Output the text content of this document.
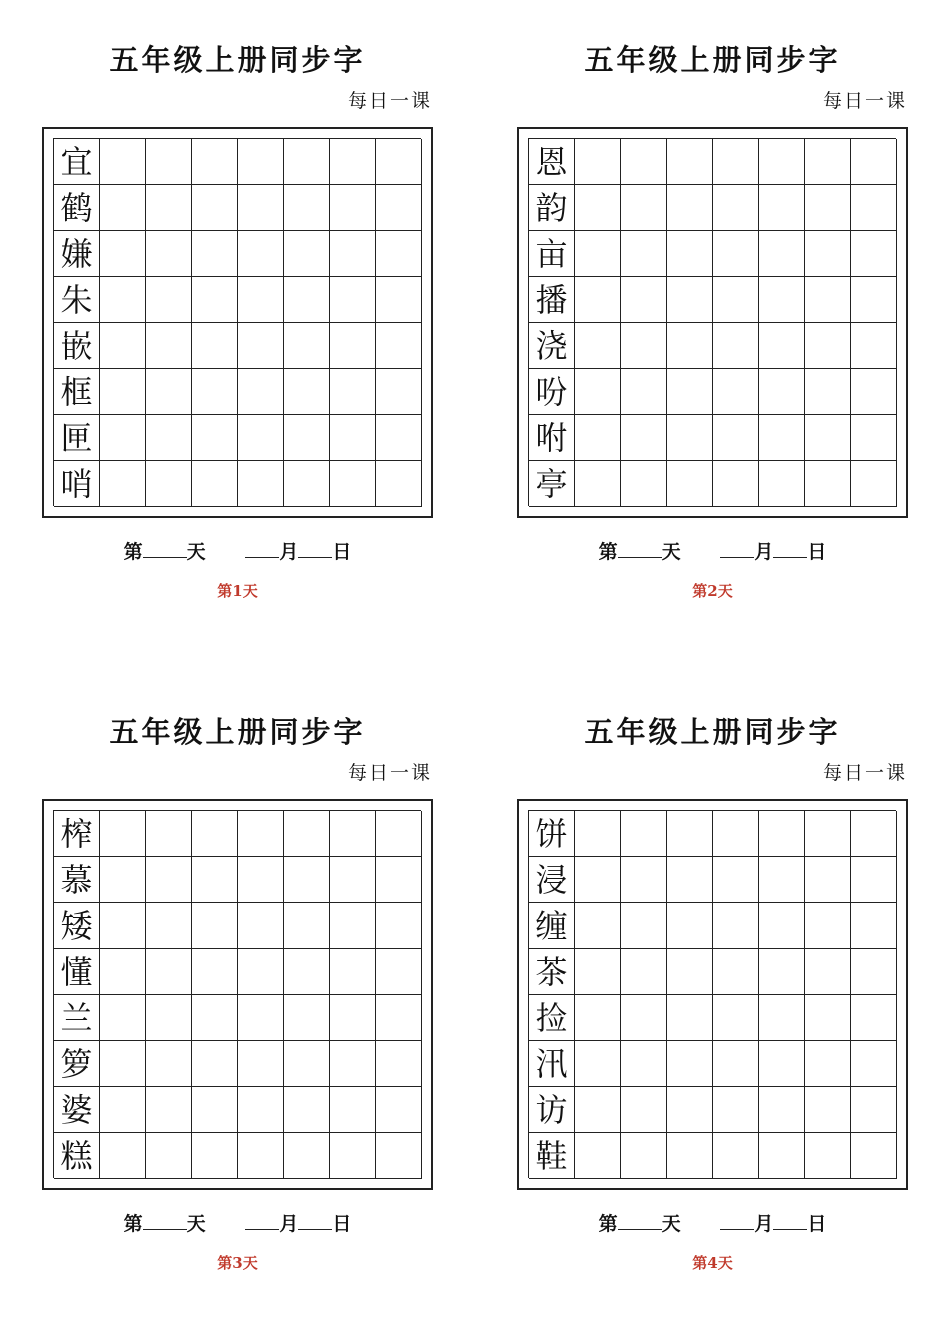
五年级上册同步字
每日一课
宜
鹤
嫌
朱
嵌
框
匣
哨
第 天	月 日
第1天
五年级上册同步字
每日一课
恩
韵
亩
播
浇
吩
咐
亭
第 天	月 日
第2天
五年级上册同步字
每日一课
榨
慕
矮
懂
兰
箩
婆
糕
第 天	月 日
第3天
五年级上册同步字
每日一课
饼
浸
缠
茶
捡
汛
访
鞋
第 天	月 日
第4天
